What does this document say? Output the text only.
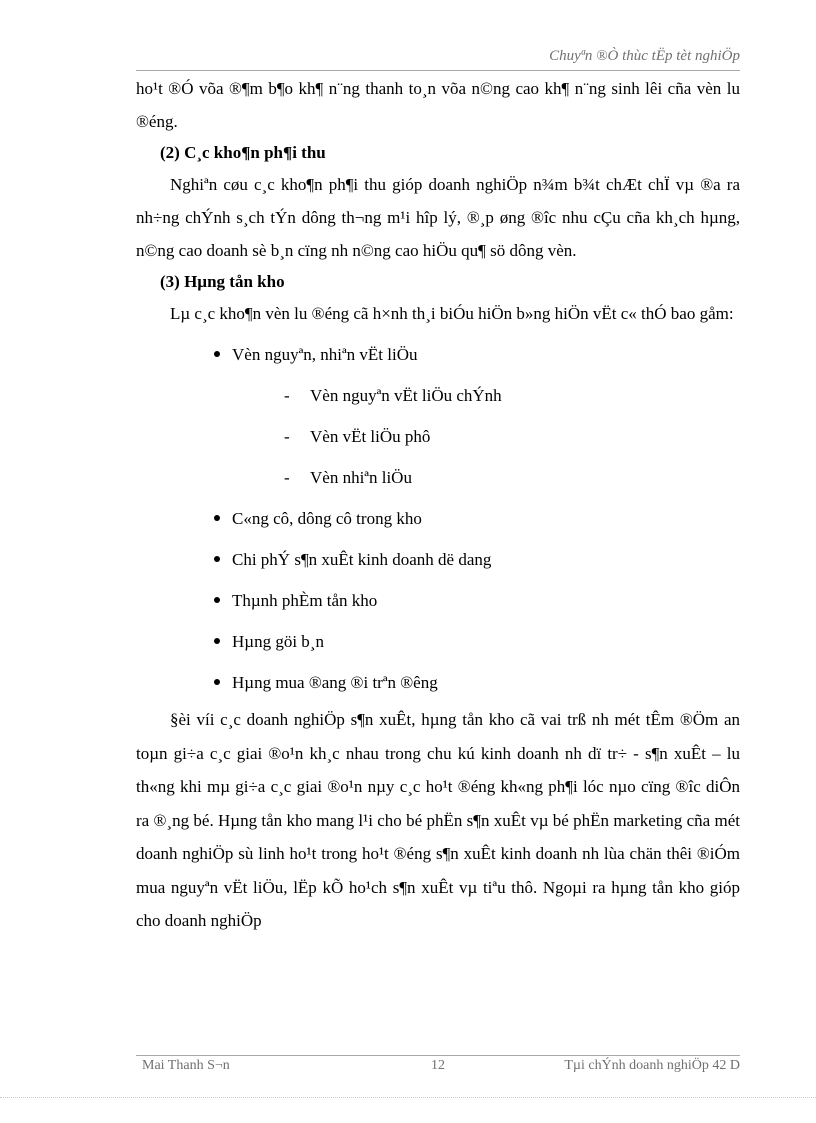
Chuyªn ®Ò thùc tËp tèt nghiÖp

ho¹t ®Ó võa ®¶m b¶o kh¶ n¨ng thanh to¸n võa n©ng cao kh¶ n¨ng sinh lêi cña vèn lu ®éng.

(2) C¸c kho¶n ph¶i thu

Nghiªn cøu c¸c kho¶n ph¶i thu gióp doanh nghiÖp n¾m b¾t chÆt chÏ vµ ®a ra nh÷ng chÝnh s¸ch tÝn dông th¬ng m¹i hîp lý, ®¸p øng ®îc nhu cÇu cña kh¸ch hµng, n©ng cao doanh sè b¸n cïng nh n©ng cao hiÖu qu¶ sö dông vèn.

(3) Hµng tån kho

Lµ c¸c kho¶n vèn lu ®éng cã h×nh th¸i biÓu hiÖn b»ng hiÖn vËt c« thÓ bao gåm:

Vèn nguyªn, nhiªn vËt liÖu
- Vèn nguyªn vËt liÖu chÝnh
- Vèn vËt liÖu phô
- Vèn nhiªn liÖu
C«ng cô, dông cô trong kho
Chi phÝ s¶n xuÊt kinh doanh dë dang
Thµnh phÈm tån kho
Hµng göi b¸n
Hµng mua ®ang ®i trªn ®êng

§èi víi c¸c doanh nghiÖp s¶n xuÊt, hµng tån kho cã vai trß nh mét tÊm ®Öm an toµn gi÷a c¸c giai ®o¹n kh¸c nhau trong chu kú kinh doanh nh dï tr÷ - s¶n xuÊt – lu th«ng khi mµ gi÷a c¸c giai ®o¹n nµy c¸c ho¹t ®éng kh«ng ph¶i lóc nµo cïng ®îc diÔn ra ®¸ng bé. Hµng tån kho mang l¹i cho bé phËn s¶n xuÊt vµ bé phËn marketing cña mét doanh nghiÖp sù linh ho¹t trong ho¹t ®éng s¶n xuÊt kinh doanh nh lùa chän thêi ®iÓm mua nguyªn vËt liÖu, lËp kÕ ho¹ch s¶n xuÊt vµ tiªu thô. Ngoµi ra hµng tån kho gióp cho doanh nghiÖp

Mai Thanh S¬n	12	Tµi chÝnh doanh nghiÖp 42 D
